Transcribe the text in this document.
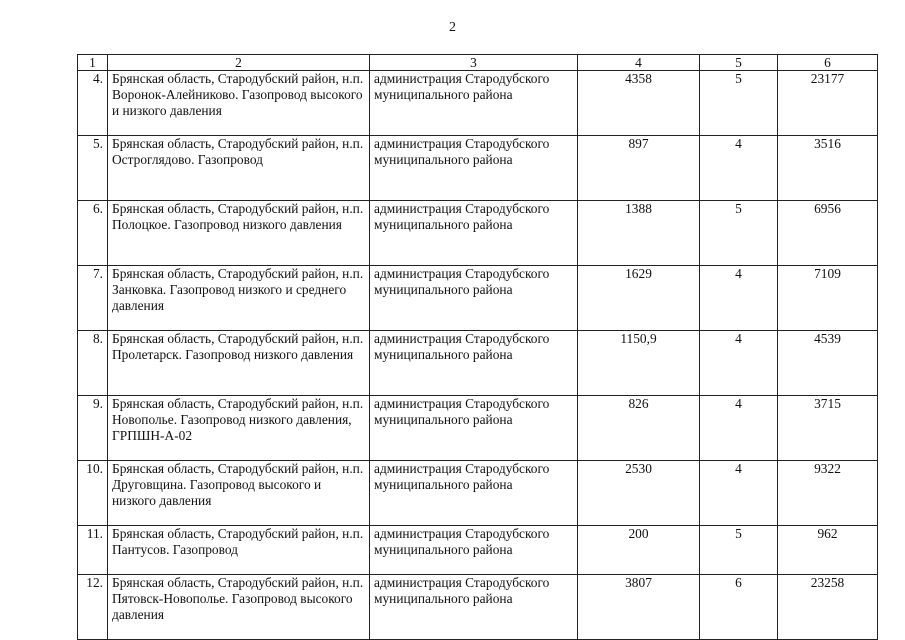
2
1	2	3	4	5	6
4.	Брянская область, Стародубский район, н.п. Воронок-Алейниково. Газопровод высокого и низкого давления	администрация Стародубского муниципального района	4358	5	23177
5.	Брянская область, Стародубский район, н.п. Остроглядово. Газопровод	администрация Стародубского муниципального района	897	4	3516
6.	Брянская область, Стародубский район, н.п. Полоцкое. Газопровод низкого давления	администрация Стародубского муниципального района	1388	5	6956
7.	Брянская область, Стародубский район, н.п. Занковка. Газопровод низкого и среднего давления	администрация Стародубского муниципального района	1629	4	7109
8.	Брянская область, Стародубский район, н.п. Пролетарск. Газопровод низкого давления	администрация Стародубского муниципального района	1150,9	4	4539
9.	Брянская область, Стародубский район, н.п. Новополье. Газопровод низкого давления, ГРПШН-А-02	администрация Стародубского муниципального района	826	4	3715
10.	Брянская область, Стародубский район, н.п. Друговщина. Газопровод высокого и низкого давления	администрация Стародубского муниципального района	2530	4	9322
11.	Брянская область, Стародубский район, н.п. Пантусов. Газопровод	администрация Стародубского муниципального района	200	5	962
12.	Брянская область, Стародубский район, н.п. Пятовск-Новополье. Газопровод высокого давления	администрация Стародубского муниципального района	3807	6	23258
